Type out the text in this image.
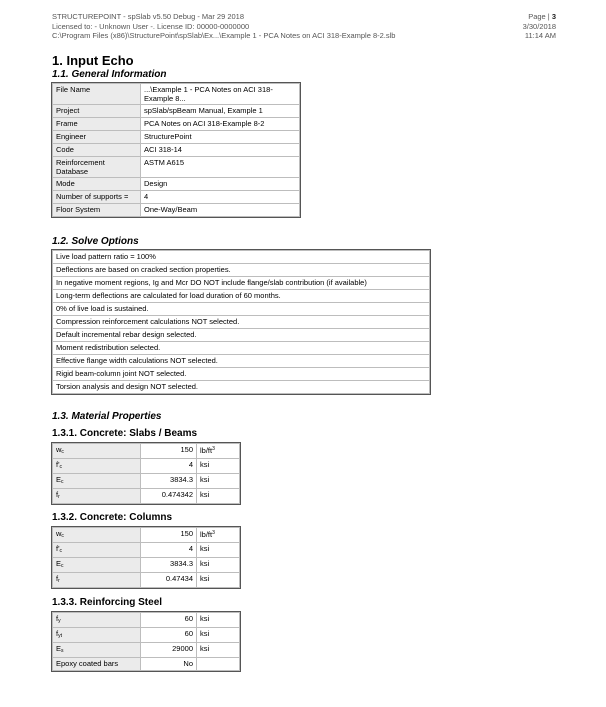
STRUCTUREPOINT - spSlab v5.50 Debug - Mar 29 2018
Licensed to: - Unknown User -. License ID: 00000-0000000
C:\Program Files (x86)\StructurePoint\spSlab\Ex...\Example 1 - PCA Notes on ACI 318-Example 8-2.slb
Page | 3
3/30/2018
11:14 AM
1. Input Echo
1.1. General Information
File Name	...\Example 1 - PCA Notes on ACI 318-Example 8...
Project	spSlab/spBeam Manual, Example 1
Frame	PCA Notes on ACI 318-Example 8-2
Engineer	StructurePoint
Code	ACI 318-14
Reinforcement Database	ASTM A615
Mode	Design
Number of supports =	4
Floor System	One-Way/Beam
1.2. Solve Options
Live load pattern ratio = 100%
Deflections are based on cracked section properties.
In negative moment regions, Ig and Mcr DO NOT include flange/slab contribution (if available)
Long-term deflections are calculated for load duration of 60 months.
0% of live load is sustained.
Compression reinforcement calculations NOT selected.
Default incremental rebar design selected.
Moment redistribution selected.
Effective flange width calculations NOT selected.
Rigid beam-column joint NOT selected.
Torsion analysis and design NOT selected.
1.3. Material Properties
1.3.1. Concrete: Slabs / Beams
$w_c$	150	$lb/ft^3$
$f'_c$	4	ksi
$E_c$	3834.3	ksi
$f_r$	0.474342	ksi
1.3.2. Concrete: Columns
$w_c$	150	$lb/ft^3$
$f'_c$	4	ksi
$E_c$	3834.3	ksi
$f_r$	0.47434	ksi
1.3.3. Reinforcing Steel
$f_y$	60	ksi
$f_{yt}$	60	ksi
$E_s$	29000	ksi
Epoxy coated bars	No	
